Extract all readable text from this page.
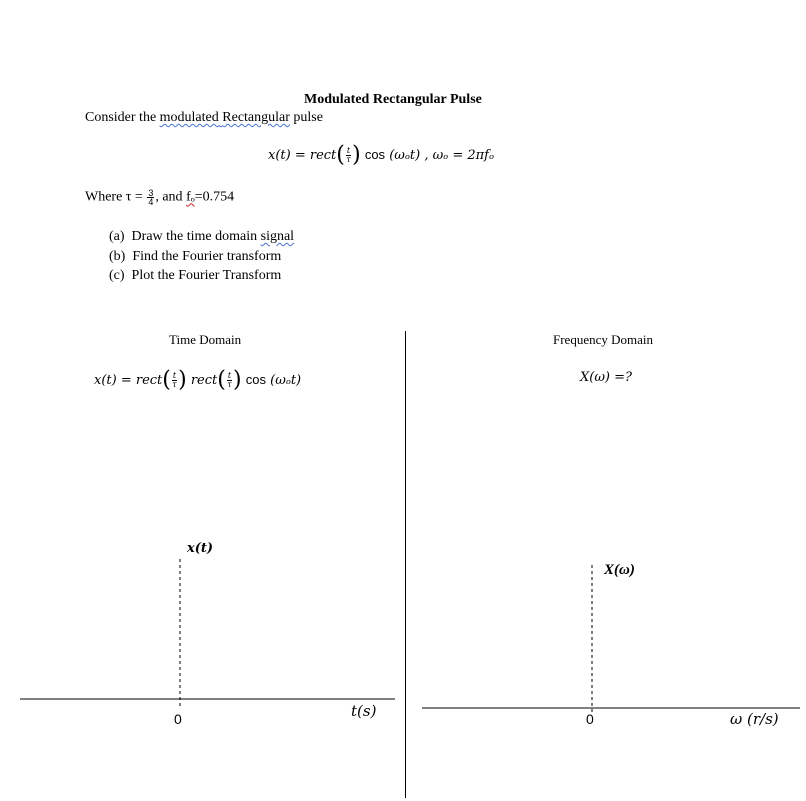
Modulated Rectangular Pulse
Consider the modulated Rectangular pulse
x(t) = rect( $\frac{t}{\tau}$ ) cos (ωₒt) , ωₒ = 2πfₒ
Where $\tau = \frac{3}{4}$ , and fₒ=0.754
(a) Draw the time domain signal
(b) Find the Fourier transform
(c) Plot the Fourier Transform
Time Domain	Frequency Domain
x(t) = rect( $\frac{t}{\tau}$ ) rect( $\frac{t}{\tau}$ ) cos (ωₒt)	X(ω) =?
x(t)
0	t(s)
X(ω)
0	ω (r/s)
